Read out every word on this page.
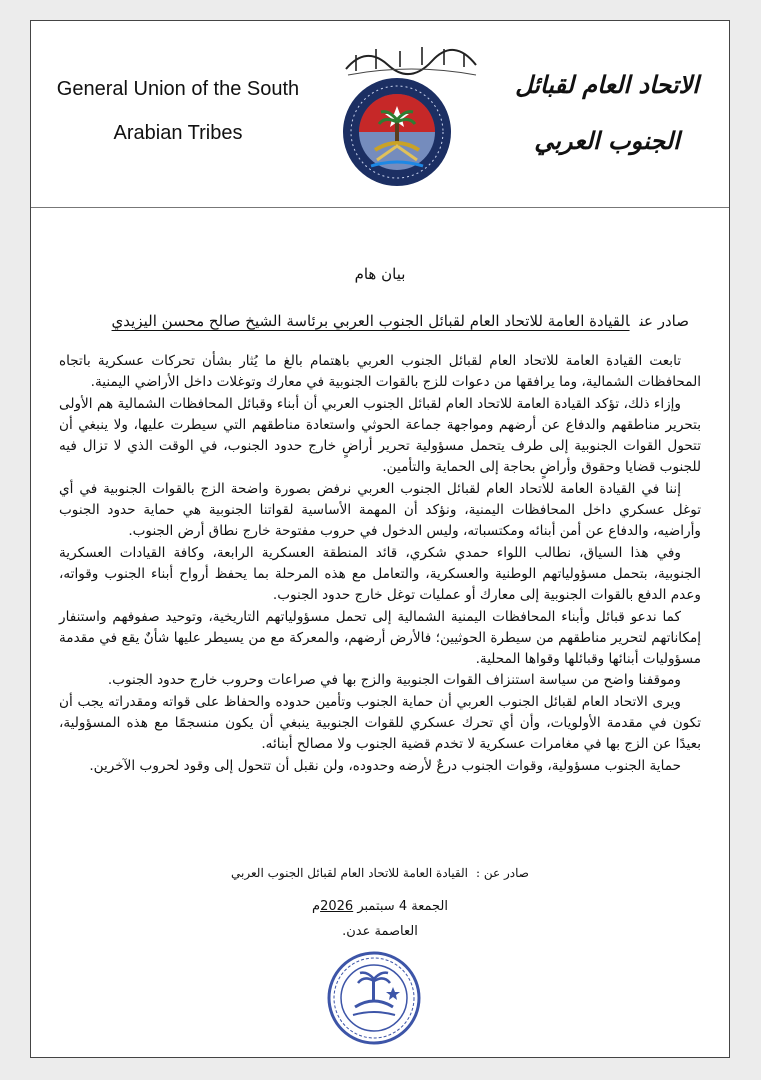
General Union of the South
Arabian Tribes
الاتحاد العام لقبائل
الجنوب العربي
بيان هام
صادر عنالقيادة العامة للاتحاد العام لقبائل الجنوب العربي برئاسة الشيخ صالح محسن اليزيدي

تابعت القيادة العامة للاتحاد العام لقبائل الجنوب العربي باهتمام بالغ ما يُثار بشأن تحركات عسكرية باتجاه المحافظات الشمالية، وما يرافقها من دعوات للزج بالقوات الجنوبية في معارك وتوغلات داخل الأراضي اليمنية.

وإزاء ذلك، تؤكد القيادة العامة للاتحاد العام لقبائل الجنوب العربي أن أبناء وقبائل المحافظات الشمالية هم الأولى بتحرير مناطقهم والدفاع عن أرضهم ومواجهة جماعة الحوثي واستعادة مناطقهم التي سيطرت عليها، ولا ينبغي أن تتحول القوات الجنوبية إلى طرف يتحمل مسؤولية تحرير أراضٍ خارج حدود الجنوب، في الوقت الذي لا تزال فيه للجنوب قضايا وحقوق وأراضٍ بحاجة إلى الحماية والتأمين.

إننا في القيادة العامة للاتحاد العام لقبائل الجنوب العربي نرفض بصورة واضحة الزج بالقوات الجنوبية في أي توغل عسكري داخل المحافظات اليمنية، ونؤكد أن المهمة الأساسية لقواتنا الجنوبية هي حماية حدود الجنوب وأراضيه، والدفاع عن أمن أبنائه ومكتسباته، وليس الدخول في حروب مفتوحة خارج نطاق أرض الجنوب.

وفي هذا السياق، نطالب اللواء حمدي شكري، قائد المنطقة العسكرية الرابعة، وكافة القيادات العسكرية الجنوبية، بتحمل مسؤولياتهم الوطنية والعسكرية، والتعامل مع هذه المرحلة بما يحفظ أرواح أبناء الجنوب وقواته، وعدم الدفع بالقوات الجنوبية إلى معارك أو عمليات توغل خارج حدود الجنوب.

كما ندعو قبائل وأبناء المحافظات اليمنية الشمالية إلى تحمل مسؤولياتهم التاريخية، وتوحيد صفوفهم واستنفار إمكاناتهم لتحرير مناطقهم من سيطرة الحوثيين؛ فالأرض أرضهم، والمعركة مع من يسيطر عليها شأنٌ يقع في مقدمة مسؤوليات أبنائها وقبائلها وقواها المحلية.

وموقفنا واضح من سياسة استنزاف القوات الجنوبية والزج بها في صراعات وحروب خارج حدود الجنوب.

ويرى الاتحاد العام لقبائل الجنوب العربي أن حماية الجنوب وتأمين حدوده والحفاظ على قواته ومقدراته يجب أن تكون في مقدمة الأولويات، وأن أي تحرك عسكري للقوات الجنوبية ينبغي أن يكون منسجمًا مع هذه المسؤولية، بعيدًا عن الزج بها في مغامرات عسكرية لا تخدم قضية الجنوب ولا مصالح أبنائه.

حماية الجنوب مسؤولية، وقوات الجنوب درعٌ لأرضه وحدوده، ولن نقبل أن تتحول إلى وقود لحروب الآخرين.

صادر عن :القيادة العامة للاتحاد العام لقبائل الجنوب العربي
الجمعة 4 سبتمبر 2026م
العاصمة عدن.
